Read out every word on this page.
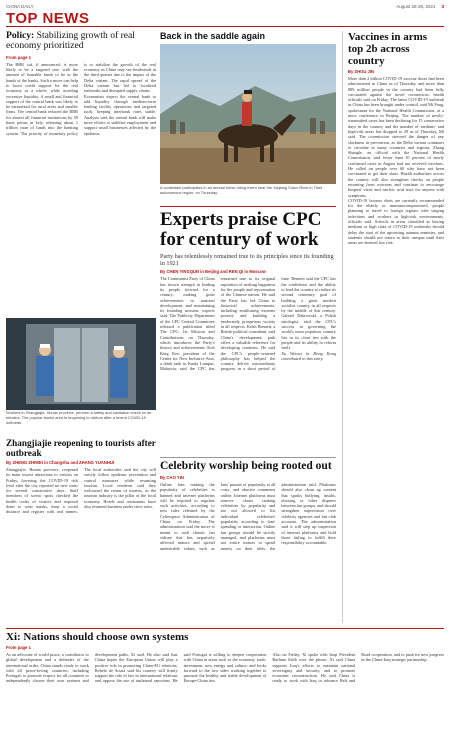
CHINA DAILY	August 26-28, 2021 3
TOP NEWS
Policy: Stabilizing growth of real economy prioritized
From page 1
The RRR cut, if announced, is more likely to be a targeted one, with the amount of loanable funds to be in the hands of the banks. Such a move can help to boost credit support for the real economy as a whole, while avoiding excessive liquidity. A small and financial support of the central bank was likely to be earmarked for rural areas and smaller firms. The central bank reduced the RRR for almost all financial institutions by 50 basis points in July, releasing about 1 trillion yuan of funds into the banking system. The priority of monetary policy is to stabilize the growth of the real economy as China may see headwinds in the third quarter due to the impact of the Delta variant. The rapid spread of the Delta variant has led to localized outbreaks and disrupted supply chains.
Economists expect the central bank to add liquidity through medium-term lending facility operations and targeted tools, keeping interbank rates stable. Analysts said the central bank will make more efforts to stabilize employment and support small businesses affected by the epidemic.
Back in the saddle again
A contestant participates in an annual horse riding event near the Yaqiang Sutuo River in Tibet autonomous region, on Thursday.
Workers in Zhangjiajie, Hunan province, perform a safety and sanitation check on an elevator. The popular tourist area is reopening to visitors after a recent COVID-19 outbreak.
Zhangjiajie reopening to tourists after outbreak
By ZHENG ZHIWEI in Changsha and ZHANG YUANHUI
Zhangjiajie, Hunan province, reopened its main tourist attractions to visitors on Friday, lowering the COVID-19 risk level after the city reported no new cases for several consecutive days. Staff members of scenic spots checked the health codes of visitors and required them to wear masks, keep a social distance and register with real names. The local authorities said the city will strictly follow epidemic prevention and control measures while resuming tourism. Local residents said they welcomed the return of tourists, as the tourism industry is the pillar of the local economy. Hotels and restaurants have also resumed business under strict rules.
Vaccines in arms top 2b across country
By ZHOU JIN
More than 2 billion COVID-19 vaccine doses had been administered in China as of Thursday, and more than 889 million people in the country had been fully vaccinated against the novel coronavirus, health officials said on Friday. The latest COVID-19 outbreak in China has been brought under control, said Mi Feng, spokesman for the National Health Commission, at a news conference in Beijing. The number of newly-transmitted cases has been declining for 15 consecutive days in the country and the number of medium- and high-risk areas has dropped to 29 as of Thursday, Mi said. The commission stressed the danger of any slackness in prevention, as the Delta variant continues to circulate in many countries and regions. Zhang Shangle, an official with the National Health Commission, said fewer than 10 percent of newly confirmed cases in August had not received vaccines. He called on people over 60 who have not been vaccinated to get their shots. Health authorities across the country will also strengthen checks on people returning from overseas and continue to encourage hospital visits and nucleic acid tests for anyone with symptoms.
COVID-19 booster shots are currently recommended for the elderly or immunocompromised, people planning to travel to foreign regions with surging infections and workers in high-risk environments, officials said. Schools in areas classified as having medium or high risks of COVID-19 outbreaks should delay the start of the upcoming autumn semester, and students should not return to their campus until their areas are deemed low risk.
Experts praise CPC for century of work
Party has relentlessly remained true to its principles since its founding in 1921
By CHEN YINGQUN in Beijing and REN QI in Moscow
The Communist Party of China has shown strength in leading its people forward for a century, making great achievements in national development, and maintaining its founding mission, experts said. The Publicity Department of the CPC Central Committee released a publication titled The CPC: Its Mission and Contributions on Thursday, which introduces the Party's history and achievements. Koh King Kee, president of the Center for New Inclusive Asia, a think tank in Kuala Lumpur, Malaysia, said the CPC has remained true to its original aspiration of seeking happiness for the people and rejuvenation of the Chinese nation. He said the Party has led China to historical achievements, including eradicating extreme poverty and building a moderately prosperous society in all respects. Keith Bennett, a British political consultant, said China's development path offers a valuable reference for developing countries. He said the CPC's people-centered philosophy has helped the country deliver extraordinary progress in a short period of time. Bennett said the CPC has the confidence and the ability to lead the country to realize its second centenary goal of building a great modern socialist country in all respects by the middle of this century. Gabriel Dabrowski, a Polish sinologist, said the CPC's success in governing the world's most populous country lies in its close ties with the people and its ability to reform itself.
Xu Weiwei in Hong Kong contributed to this story.
Celebrity worship being rooted out
By CAO YIN
Online fans ranking the popularity of celebrities is banned and internet platforms will be required to regulate such activities, according to new rules released by the Cyberspace Administration of China on Friday. The administration said the move is meant to curb chaotic fan culture that has negatively affected minors and spread undesirable values, such as fans' pursuit of popularity at all costs, and abusive comments online. Internet platforms must remove charts ranking celebrities by popularity and are not allowed to list individual celebrities' popularity according to fans' spending or interaction. Online fan groups should be strictly managed, and platforms must not entice minors to spend money on their idols, the administration said. Platforms should also clean up content that sparks bullying, insults, doxxing or other disputes between fan groups, and should strengthen supervision over celebrity agencies and fan club accounts. The administration said it will step up inspection of internet platforms and hold those failing to fulfill their responsibility accountable.
Xi: Nations should choose own systems
From page 1
As an advocate of world peace, a contributor to global development and a defender of the international order, China stands ready to work with all peace-loving countries, including Portugal, to promote respect for all countries to independently choose their own systems and development paths, Xi said. He also said that China hopes the European Union will play a positive role in promoting China-EU relations. Rebelo de Sousa said his country will firmly support the rule of law in international relations and oppose the use of unilateral sanctions. He said Portugal is willing to deepen cooperation with China in areas such as the economy, trade, investment, new energy and culture, and looks forward to the two sides working together to promote the healthy and stable development of Europe-China ties.
Also on Friday, Xi spoke with Iraqi President Barham Salih over the phone. Xi said China supports Iraq's efforts to maintain national sovereignty and security, and to promote economic reconstruction. He said China is ready to work with Iraq to advance Belt and Road cooperation, and to push for new progress in the China-Iraq strategic partnership.
